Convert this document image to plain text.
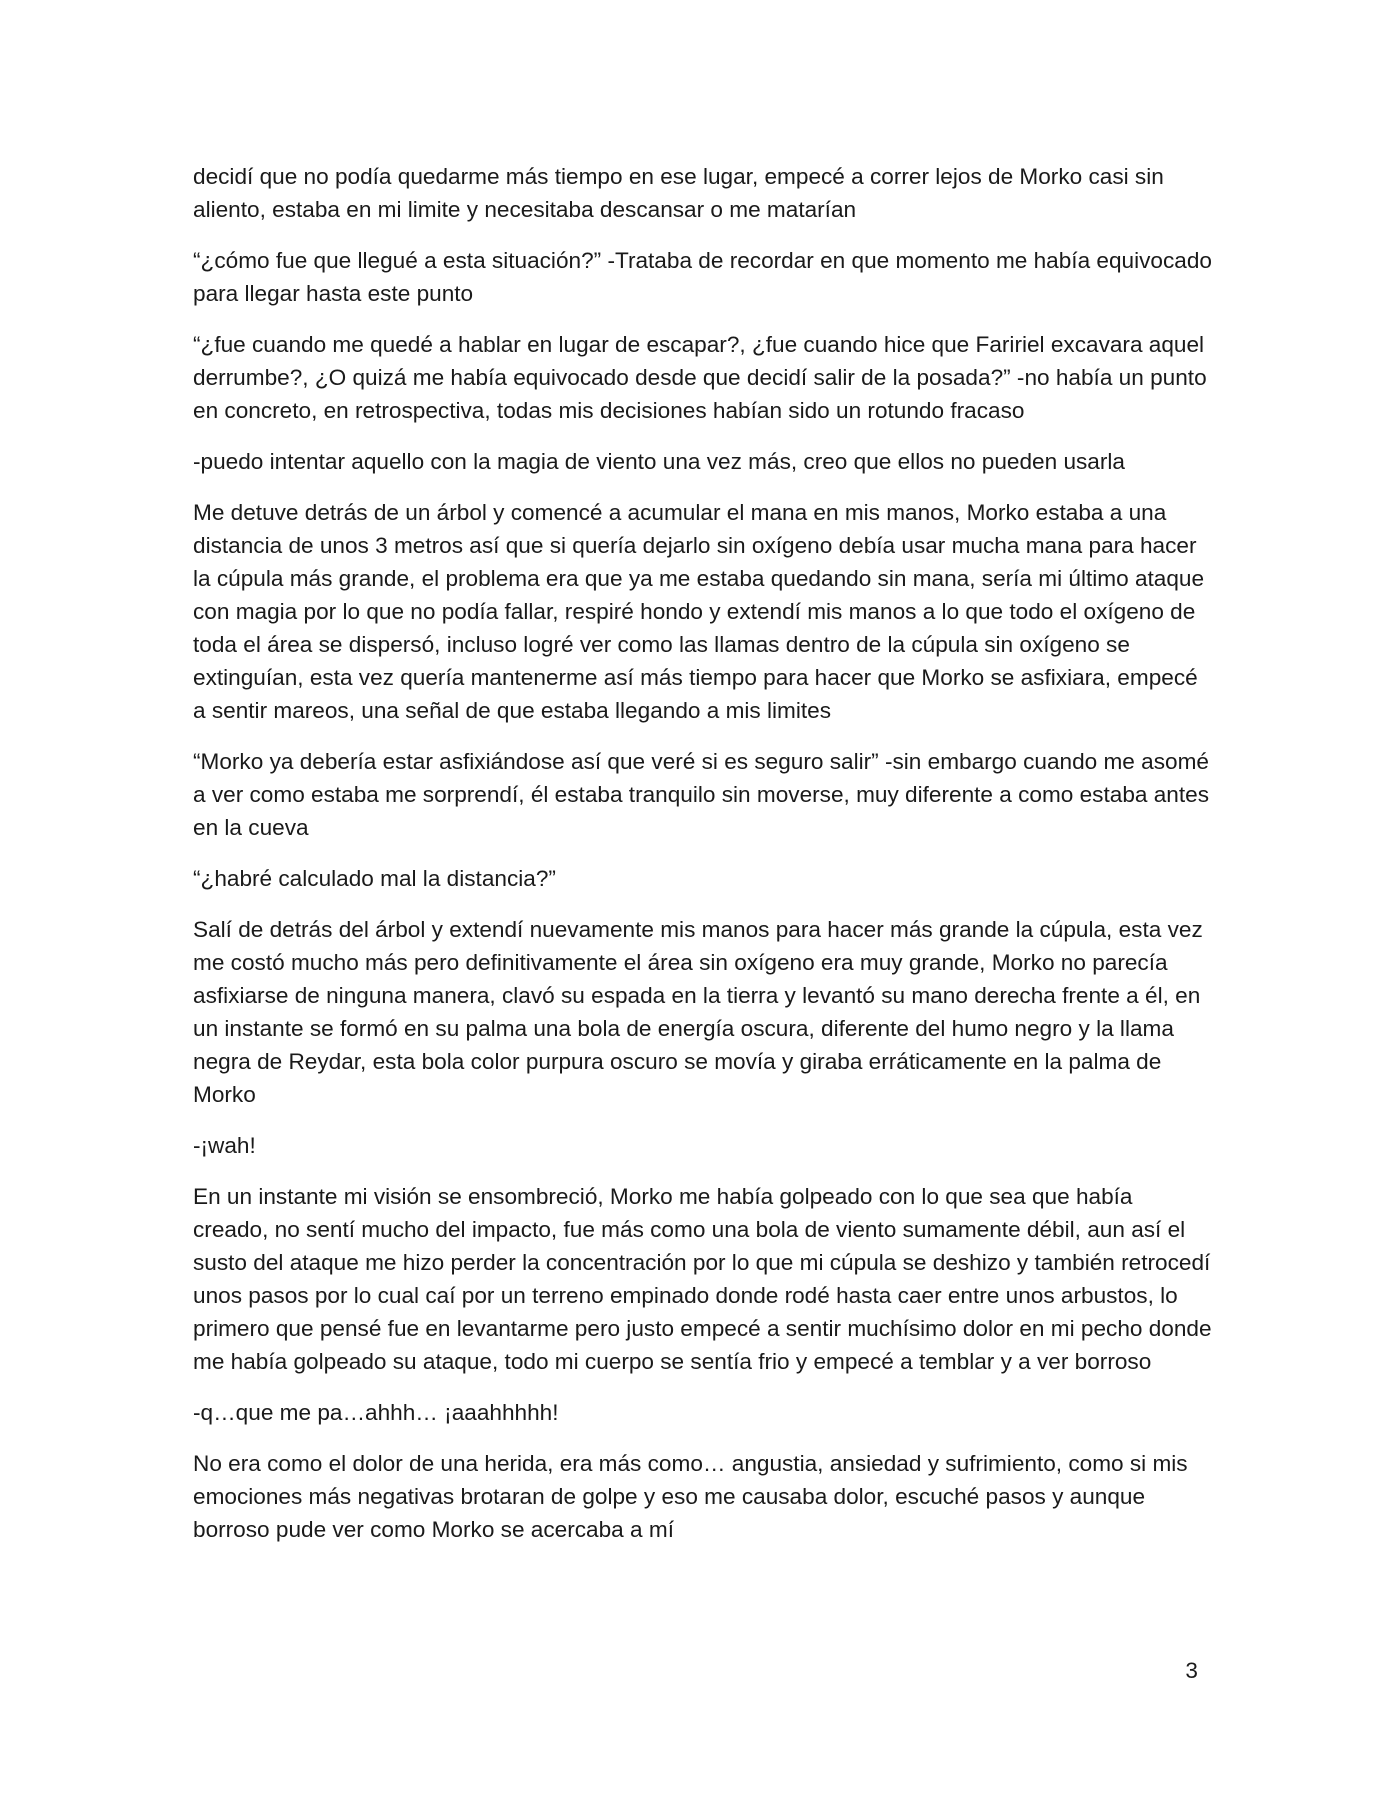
decidí que no podía quedarme más tiempo en ese lugar, empecé a correr lejos de Morko casi sin aliento, estaba en mi limite y necesitaba descansar o me matarían

“¿cómo fue que llegué a esta situación?” -Trataba de recordar en que momento me había equivocado para llegar hasta este punto

“¿fue cuando me quedé a hablar en lugar de escapar?, ¿fue cuando hice que Faririel excavara aquel derrumbe?, ¿O quizá me había equivocado desde que decidí salir de la posada?” -no había un punto en concreto, en retrospectiva, todas mis decisiones habían sido un rotundo fracaso

-puedo intentar aquello con la magia de viento una vez más, creo que ellos no pueden usarla

Me detuve detrás de un árbol y comencé a acumular el mana en mis manos, Morko estaba a una distancia de unos 3 metros así que si quería dejarlo sin oxígeno debía usar mucha mana para hacer la cúpula más grande, el problema era que ya me estaba quedando sin mana, sería mi último ataque con magia por lo que no podía fallar, respiré hondo y extendí mis manos a lo que todo el oxígeno de toda el área se dispersó, incluso logré ver como las llamas dentro de la cúpula sin oxígeno se extinguían, esta vez quería mantenerme así más tiempo para hacer que Morko se asfixiara, empecé a sentir mareos, una señal de que estaba llegando a mis limites

“Morko ya debería estar asfixiándose así que veré si es seguro salir” -sin embargo cuando me asomé a ver como estaba me sorprendí, él estaba tranquilo sin moverse, muy diferente a como estaba antes en la cueva

“¿habré calculado mal la distancia?”

Salí de detrás del árbol y extendí nuevamente mis manos para hacer más grande la cúpula, esta vez me costó mucho más pero definitivamente el área sin oxígeno era muy grande, Morko no parecía asfixiarse de ninguna manera, clavó su espada en la tierra y levantó su mano derecha frente a él, en un instante se formó en su palma una bola de energía oscura, diferente del humo negro y la llama negra de Reydar, esta bola color purpura oscuro se movía y giraba erráticamente en la palma de Morko

-¡wah!

En un instante mi visión se ensombreció, Morko me había golpeado con lo que sea que había creado, no sentí mucho del impacto, fue más como una bola de viento sumamente débil, aun así el susto del ataque me hizo perder la concentración por lo que mi cúpula se deshizo y también retrocedí unos pasos por lo cual caí por un terreno empinado donde rodé hasta caer entre unos arbustos, lo primero que pensé fue en levantarme pero justo empecé a sentir muchísimo dolor en mi pecho donde me había golpeado su ataque, todo mi cuerpo se sentía frio y empecé a temblar y a ver borroso

-q…que me pa…ahhh… ¡aaahhhhh!

No era como el dolor de una herida, era más como… angustia, ansiedad y sufrimiento, como si mis emociones más negativas brotaran de golpe y eso me causaba dolor, escuché pasos y aunque borroso pude ver como Morko se acercaba a mí

3
